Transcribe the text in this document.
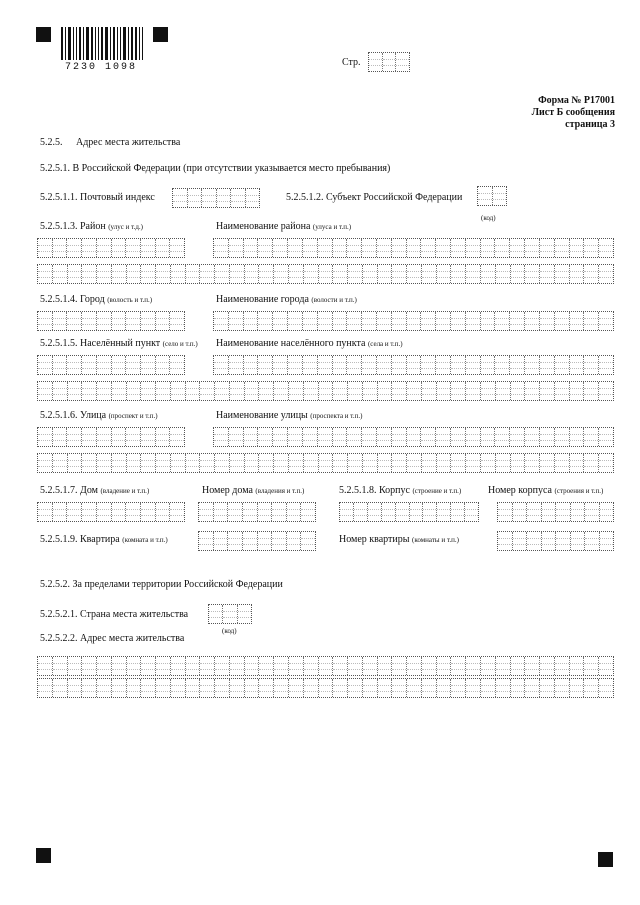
7230 1098	Стр.
Форма № Р17001
Лист Б сообщения
страница 3
5.2.5. Адрес места жительства
5.2.5.1. В Российской Федерации (при отсутствии указывается место пребывания)
5.2.5.1.1. Почтовый индекс	5.2.5.1.2. Субъект Российской Федерации
(код)
5.2.5.1.3. Район (улус и т.д.)	Наименование района (улуса и т.п.)
5.2.5.1.4. Город (волость и т.п.)	Наименование города (волости и т.п.)
5.2.5.1.5. Населённый пункт (село и т.п.) Наименование населённого пункта (села и т.п.)
5.2.5.1.6. Улица (проспект и т.п.)	Наименование улицы (проспекта и т.п.)
5.2.5.1.7. Дом (владение и т.п.)	Номер дома (владения и т.п.)	5.2.5.1.8. Корпус (строение и т.п.)	Номер корпуса (строения и т.п.)
5.2.5.1.9. Квартира (комната и т.п.)	Номер квартиры (комнаты и т.п.)
5.2.5.2. За пределами территории Российской Федерации
5.2.5.2.1. Страна места жительства
(код)
5.2.5.2.2. Адрес места жительства
